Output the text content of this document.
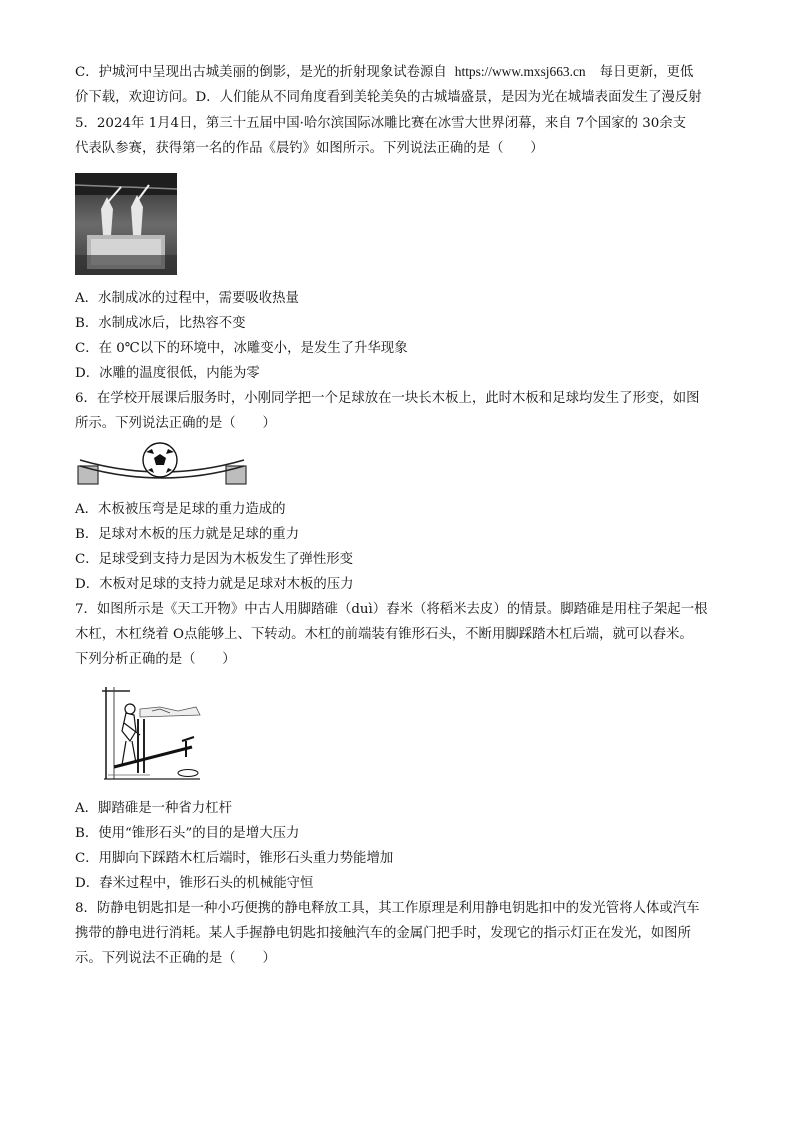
C．护城河中呈现出古城美丽的倒影，是光的折射现象试卷源自 https://www.mxsj663.cn 每日更新，更低
价下载，欢迎访问。D．人们能从不同角度看到美轮美奂的古城墙盛景，是因为光在城墙表面发生了漫反射
5．2024年 1月4日，第三十五届中国·哈尔滨国际冰雕比赛在冰雪大世界闭幕，来自 7个国家的 30余支
代表队参赛，获得第一名的作品《晨钓》如图所示。下列说法正确的是（　　）
A．水制成冰的过程中，需要吸收热量
B．水制成冰后，比热容不变
C．在 0℃以下的环境中，冰雕变小，是发生了升华现象
D．冰雕的温度很低，内能为零
6．在学校开展课后服务时，小刚同学把一个足球放在一块长木板上，此时木板和足球均发生了形变，如图
所示。下列说法正确的是（　　）
A．木板被压弯是足球的重力造成的
B．足球对木板的压力就是足球的重力
C．足球受到支持力是因为木板发生了弹性形变
D．木板对足球的支持力就是足球对木板的压力
7．如图所示是《天工开物》中古人用脚踏碓（duì）舂米（将稻米去皮）的情景。脚踏碓是用柱子架起一根
木杠，木杠绕着 O点能够上、下转动。木杠的前端装有锥形石头，不断用脚踩踏木杠后端，就可以舂米。
下列分析正确的是（　　）
A．脚踏碓是一种省力杠杆
B．使用“锥形石头”的目的是增大压力
C．用脚向下踩踏木杠后端时，锥形石头重力势能增加
D．舂米过程中，锥形石头的机械能守恒
8．防静电钥匙扣是一种小巧便携的静电释放工具，其工作原理是利用静电钥匙扣中的发光管将人体或汽车
携带的静电进行消耗。某人手握静电钥匙扣接触汽车的金属门把手时，发现它的指示灯正在发光，如图所
示。下列说法不正确的是（　　）
